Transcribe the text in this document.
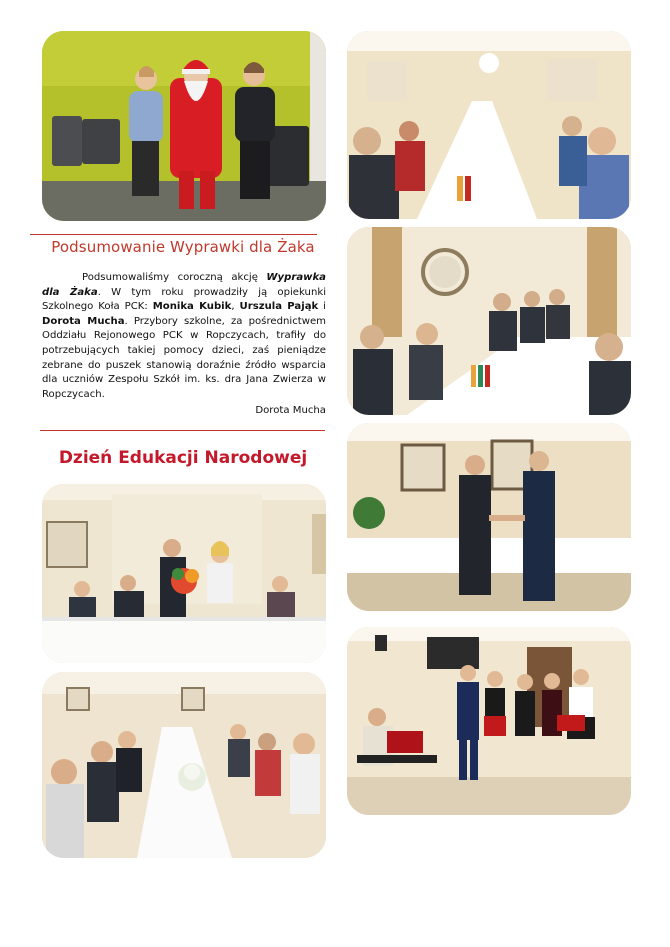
Podsumowanie Wyprawki dla Żaka
Podsumowaliśmy coroczną akcję Wyprawka dla Żaka. W tym roku prowadziły ją opiekunki Szkolnego Koła PCK: Monika Kubik, Urszula Pająk i Dorota Mucha. Przybory szkolne, za pośrednictwem Oddziału Rejonowego PCK w Ropczycach, trafiły do potrzebujących takiej pomocy dzieci, zaś pieniądze zebrane do puszek stanowią doraźnie źródło wsparcia dla uczniów Zespołu Szkół im. ks. dra Jana Zwierza w Ropczycach.
Dorota Mucha
Dzień Edukacji Narodowej
